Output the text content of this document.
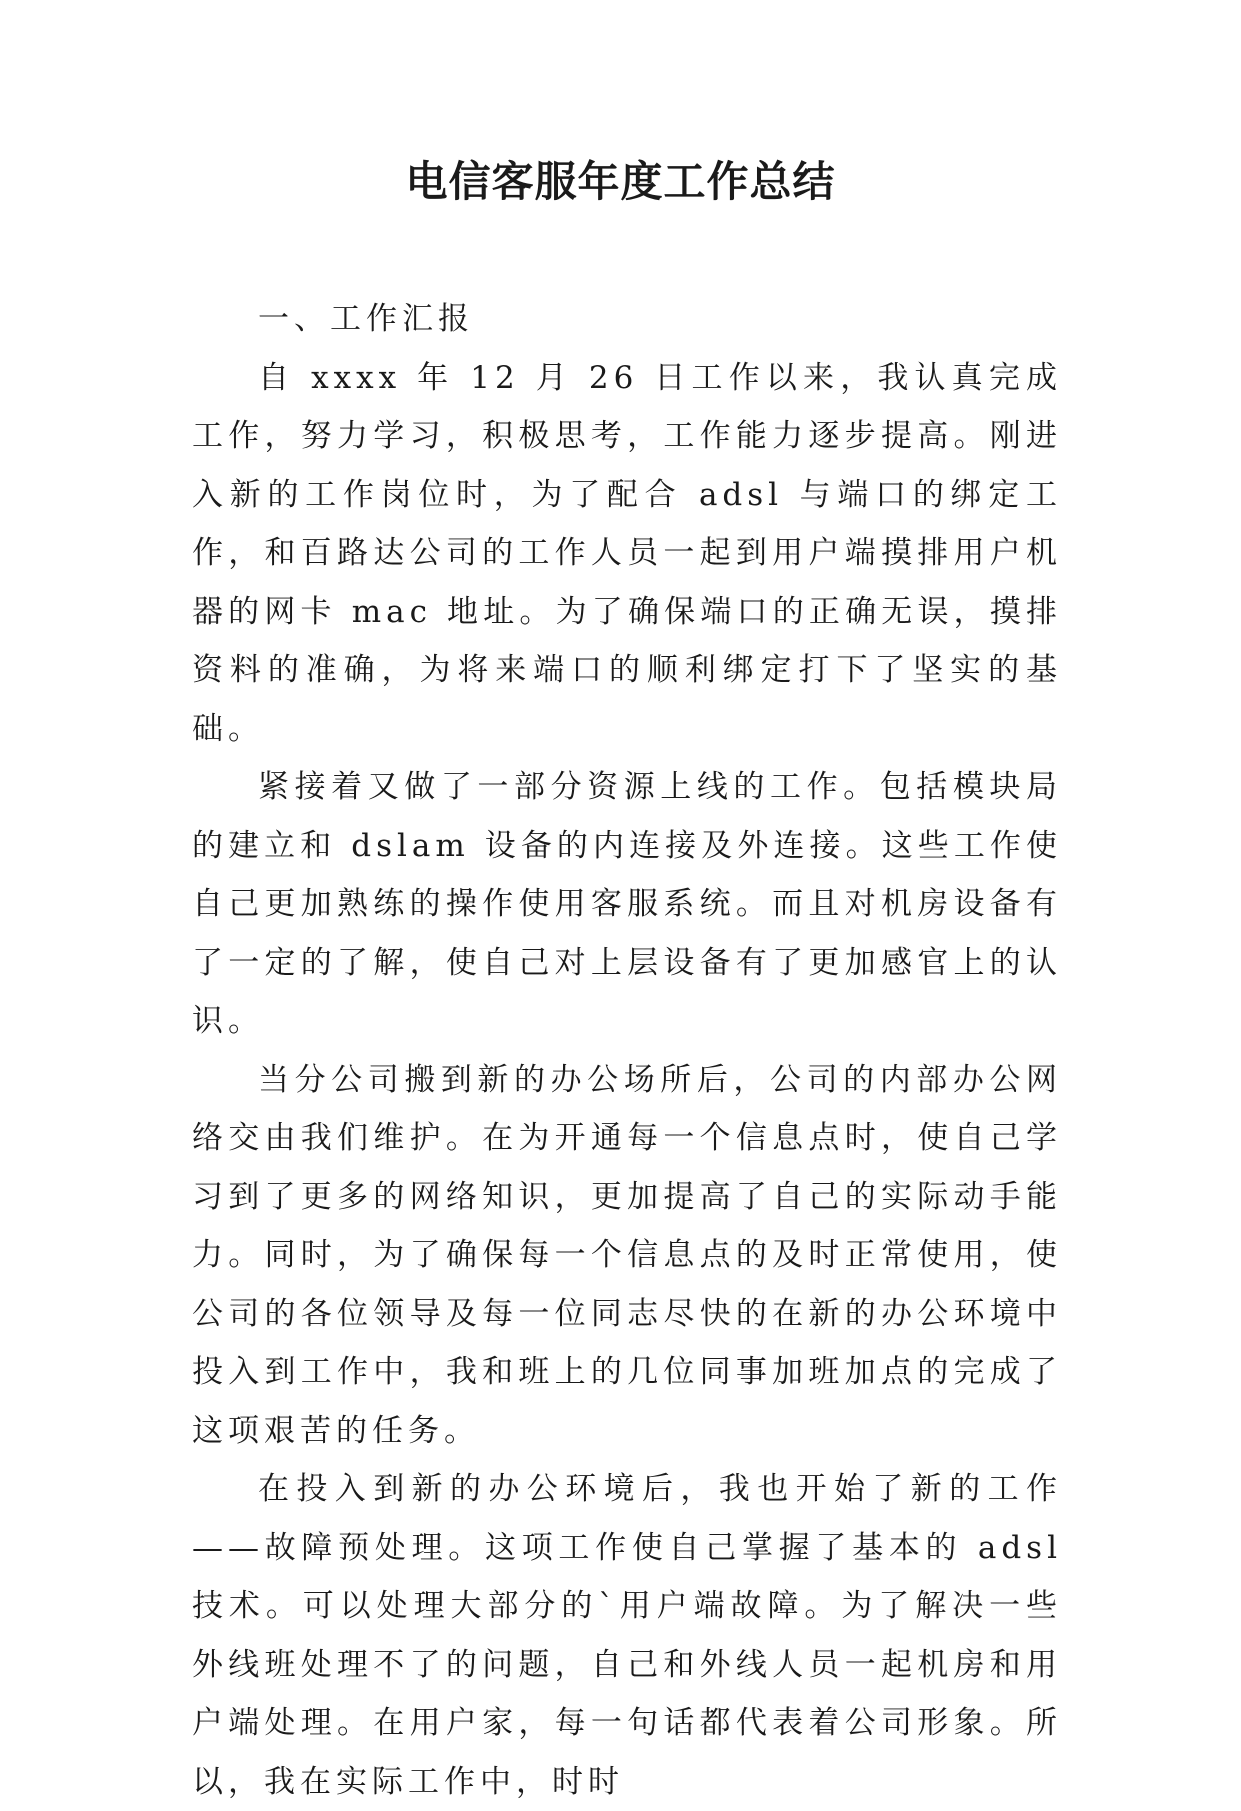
电信客服年度工作总结

一、工作汇报

自 xxxx 年 12 月 26 日工作以来，我认真完成工作，努力学习，积极思考，工作能力逐步提高。刚进入新的工作岗位时，为了配合 adsl 与端口的绑定工作，和百路达公司的工作人员一起到用户端摸排用户机器的网卡 mac 地址。为了确保端口的正确无误，摸排资料的准确，为将来端口的顺利绑定打下了坚实的基础。

紧接着又做了一部分资源上线的工作。包括模块局的建立和 dslam 设备的内连接及外连接。这些工作使自己更加熟练的操作使用客服系统。而且对机房设备有了一定的了解，使自己对上层设备有了更加感官上的认识。

当分公司搬到新的办公场所后，公司的内部办公网络交由我们维护。在为开通每一个信息点时，使自己学习到了更多的网络知识，更加提高了自己的实际动手能力。同时，为了确保每一个信息点的及时正常使用，使公司的各位领导及每一位同志尽快的在新的办公环境中投入到工作中，我和班上的几位同事加班加点的完成了这项艰苦的任务。

在投入到新的办公环境后，我也开始了新的工作——故障预处理。这项工作使自己掌握了基本的 adsl 技术。可以处理大部分的`用户端故障。为了解决一些外线班处理不了的问题，自己和外线人员一起机房和用户端处理。在用户家，每一句话都代表着公司形象。所以，我在实际工作中，时时
